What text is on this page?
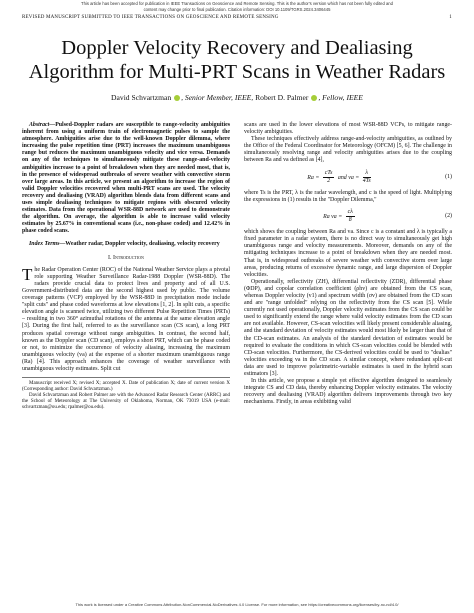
This article has been accepted for publication in IEEE Transactions on Geoscience and Remote Sensing. This is the author's version which has not been fully edited and
content may change prior to final publication. Citation information: DOI 10.1109/TGRS.2024.3406445
REVISED MANUSCRIPT SUBMITTED TO IEEE TRANSACTIONS ON GEOSCIENCE AND REMOTE SENSING	1
Doppler Velocity Recovery and Dealiasing
Algorithm for Multi-PRT Scans in Weather Radars
David Schvartzman , Senior Member, IEEE, Robert D. Palmer , Fellow, IEEE

Abstract—Pulsed-Doppler radars are susceptible to range-velocity ambiguities inherent from using a uniform train of electromagnetic pulses to sample the atmosphere. Ambiguities arise due to the well-known Doppler dilemma, where increasing the pulse repetition time (PRT) increases the maximum unambiguous range but reduces the maximum unambiguous velocity and vice versa. Demands on any of the techniques to simultaneously mitigate these range-and-velocity ambiguities increase to a point of breakdown when they are needed most, that is, in the presence of widespread outbreaks of severe weather with convective storm over large areas. In this article, we present an algorithm to increase the region of valid Doppler velocities recovered when multi-PRT scans are used. The velocity recovery and dealiasing (VRAD) algorithm blends data from different scans and uses simple dealiasing techniques to mitigate regions with obscured velocity estimates. Data from the operational WSR-88D network are used to demonstrate the algorithm. On average, the algorithm is able to increase valid velocity estimates by 25.67% in conventional scans (i.e., non-phase coded) and 12.42% in phase coded scans.

Index Terms—Weather radar, Doppler velocity, dealiasing, velocity recovery

I. Introduction

The Radar Operation Center (ROC) of the National Weather Service plays a pivotal role supporting Weather Surveillance Radar-1988 Doppler (WSR-88D). The radars provide crucial data to protect lives and property and of all U.S. Government-distributed data are the second highest used by public. The volume coverage patterns (VCP) employed by the WSR-88D in precipitation mode include "split cuts" and phase coded waveforms at low elevations [1, 2]. In split cuts, a specific elevation angle is scanned twice, utilizing two different Pulse Repetition Times (PRTs) – resulting in two 360° azimuthal rotations of the antenna at the same elevation angle [3]. During the first half, referred to as the surveillance scan (CS scan), a long PRT produces spatial coverage without range ambiguities. In contrast, the second half, known as the Doppler scan (CD scan), employs a short PRT, which can be phase coded or not, to minimize the occurrence of velocity aliasing, increasing the maximum unambiguous velocity (va) at the expense of a shorter maximum unambiguous range (Ra) [4]. This approach enhances the coverage of weather surveillance with unambiguous velocity estimates. Split cut

Manuscript received X; revised X; accepted X. Date of publication X; date of current version X (Corresponding author: David Schvartzman.)

David Schvartzman and Robert Palmer are with the Advanced Radar Research Center (ARRC) and the School of Meteorology at The University of Oklahoma, Norman, OK 73019 USA (e-mail: schvartzman@ou.edu; rpalmer@ou.edu).

scans are used in the lower elevations of most WSR-88D VCPs, to mitigate range-velocity ambiguities.

These techniques effectively address range-and-velocity ambiguities, as outlined by the Office of the Federal Coordinator for Meteorology (OFCM) [5, 6]. The challenge in simultaneously resolving range and velocity ambiguities arises due to the coupling between Ra and va defined as [4],

$Ra = \frac{\text{cTs}}{2}$ and va = $\frac{\lambda}{4Ts}$	(1)

where Ts is the PRT, λ is the radar wavelength, and c is the speed of light. Multiplying the expressions in (1) results in the "Doppler Dilemma,"

Ra va = $\frac{c\lambda}{8}$	(2)

which shows the coupling between Ra and va. Since c is a constant and λ is typically a fixed parameter in a radar system, there is no direct way to simultaneously get high unambiguous range and velocity measurements. Moreover, demands on any of the mitigating techniques increase to a point of breakdown when they are needed most. That is, in widespread outbreaks of severe weather with convective storm over large areas, producing returns of excessive dynamic range, and large dispersion of Doppler velocities.

Operationally, reflectivity (ZH), differential reflectivity (ZDR), differential phase (ΦDP), and copolar correlation coefficient (ρhv) are obtained from the CS scan, whereas Doppler velocity (v1) and spectrum width (σv) are obtained from the CD scan and are "range unfolded" relying on the reflectivity from the CS scan [5]. While currently not used operationally, Doppler velocity estimates from the CS scan could be used to significantly extend the range where valid velocity estimates from the CD scan are not available. However, CS-scan velocities will likely present considerable aliasing, and the standard deviation of velocity estimates would most likely be larger than that of the CD-scan estimates. An analysis of the standard deviation of estimates would be required to evaluate the conditions in which CS-scan velocities could be blended with CD-scan velocities. Furthermore, the CS-derived velocities could be used to "dealias" velocities exceeding va in the CD scan. A similar concept, where redundant split-cut data are used to improve polarimetric-variable estimates is used in the hybrid scan estimators [3].

In this article, we propose a simple yet effective algorithm designed to seamlessly integrate CS and CD data, thereby enhancing Doppler velocity estimates. The velocity recovery and dealiasing (VRAD) algorithm delivers improvements through two key mechanisms. Firstly, in areas exhibiting valid

This work is licensed under a Creative Commons Attribution-NonCommercial-NoDerivatives 4.0 License. For more information, see https://creativecommons.org/licenses/by-nc-nd/4.0/
